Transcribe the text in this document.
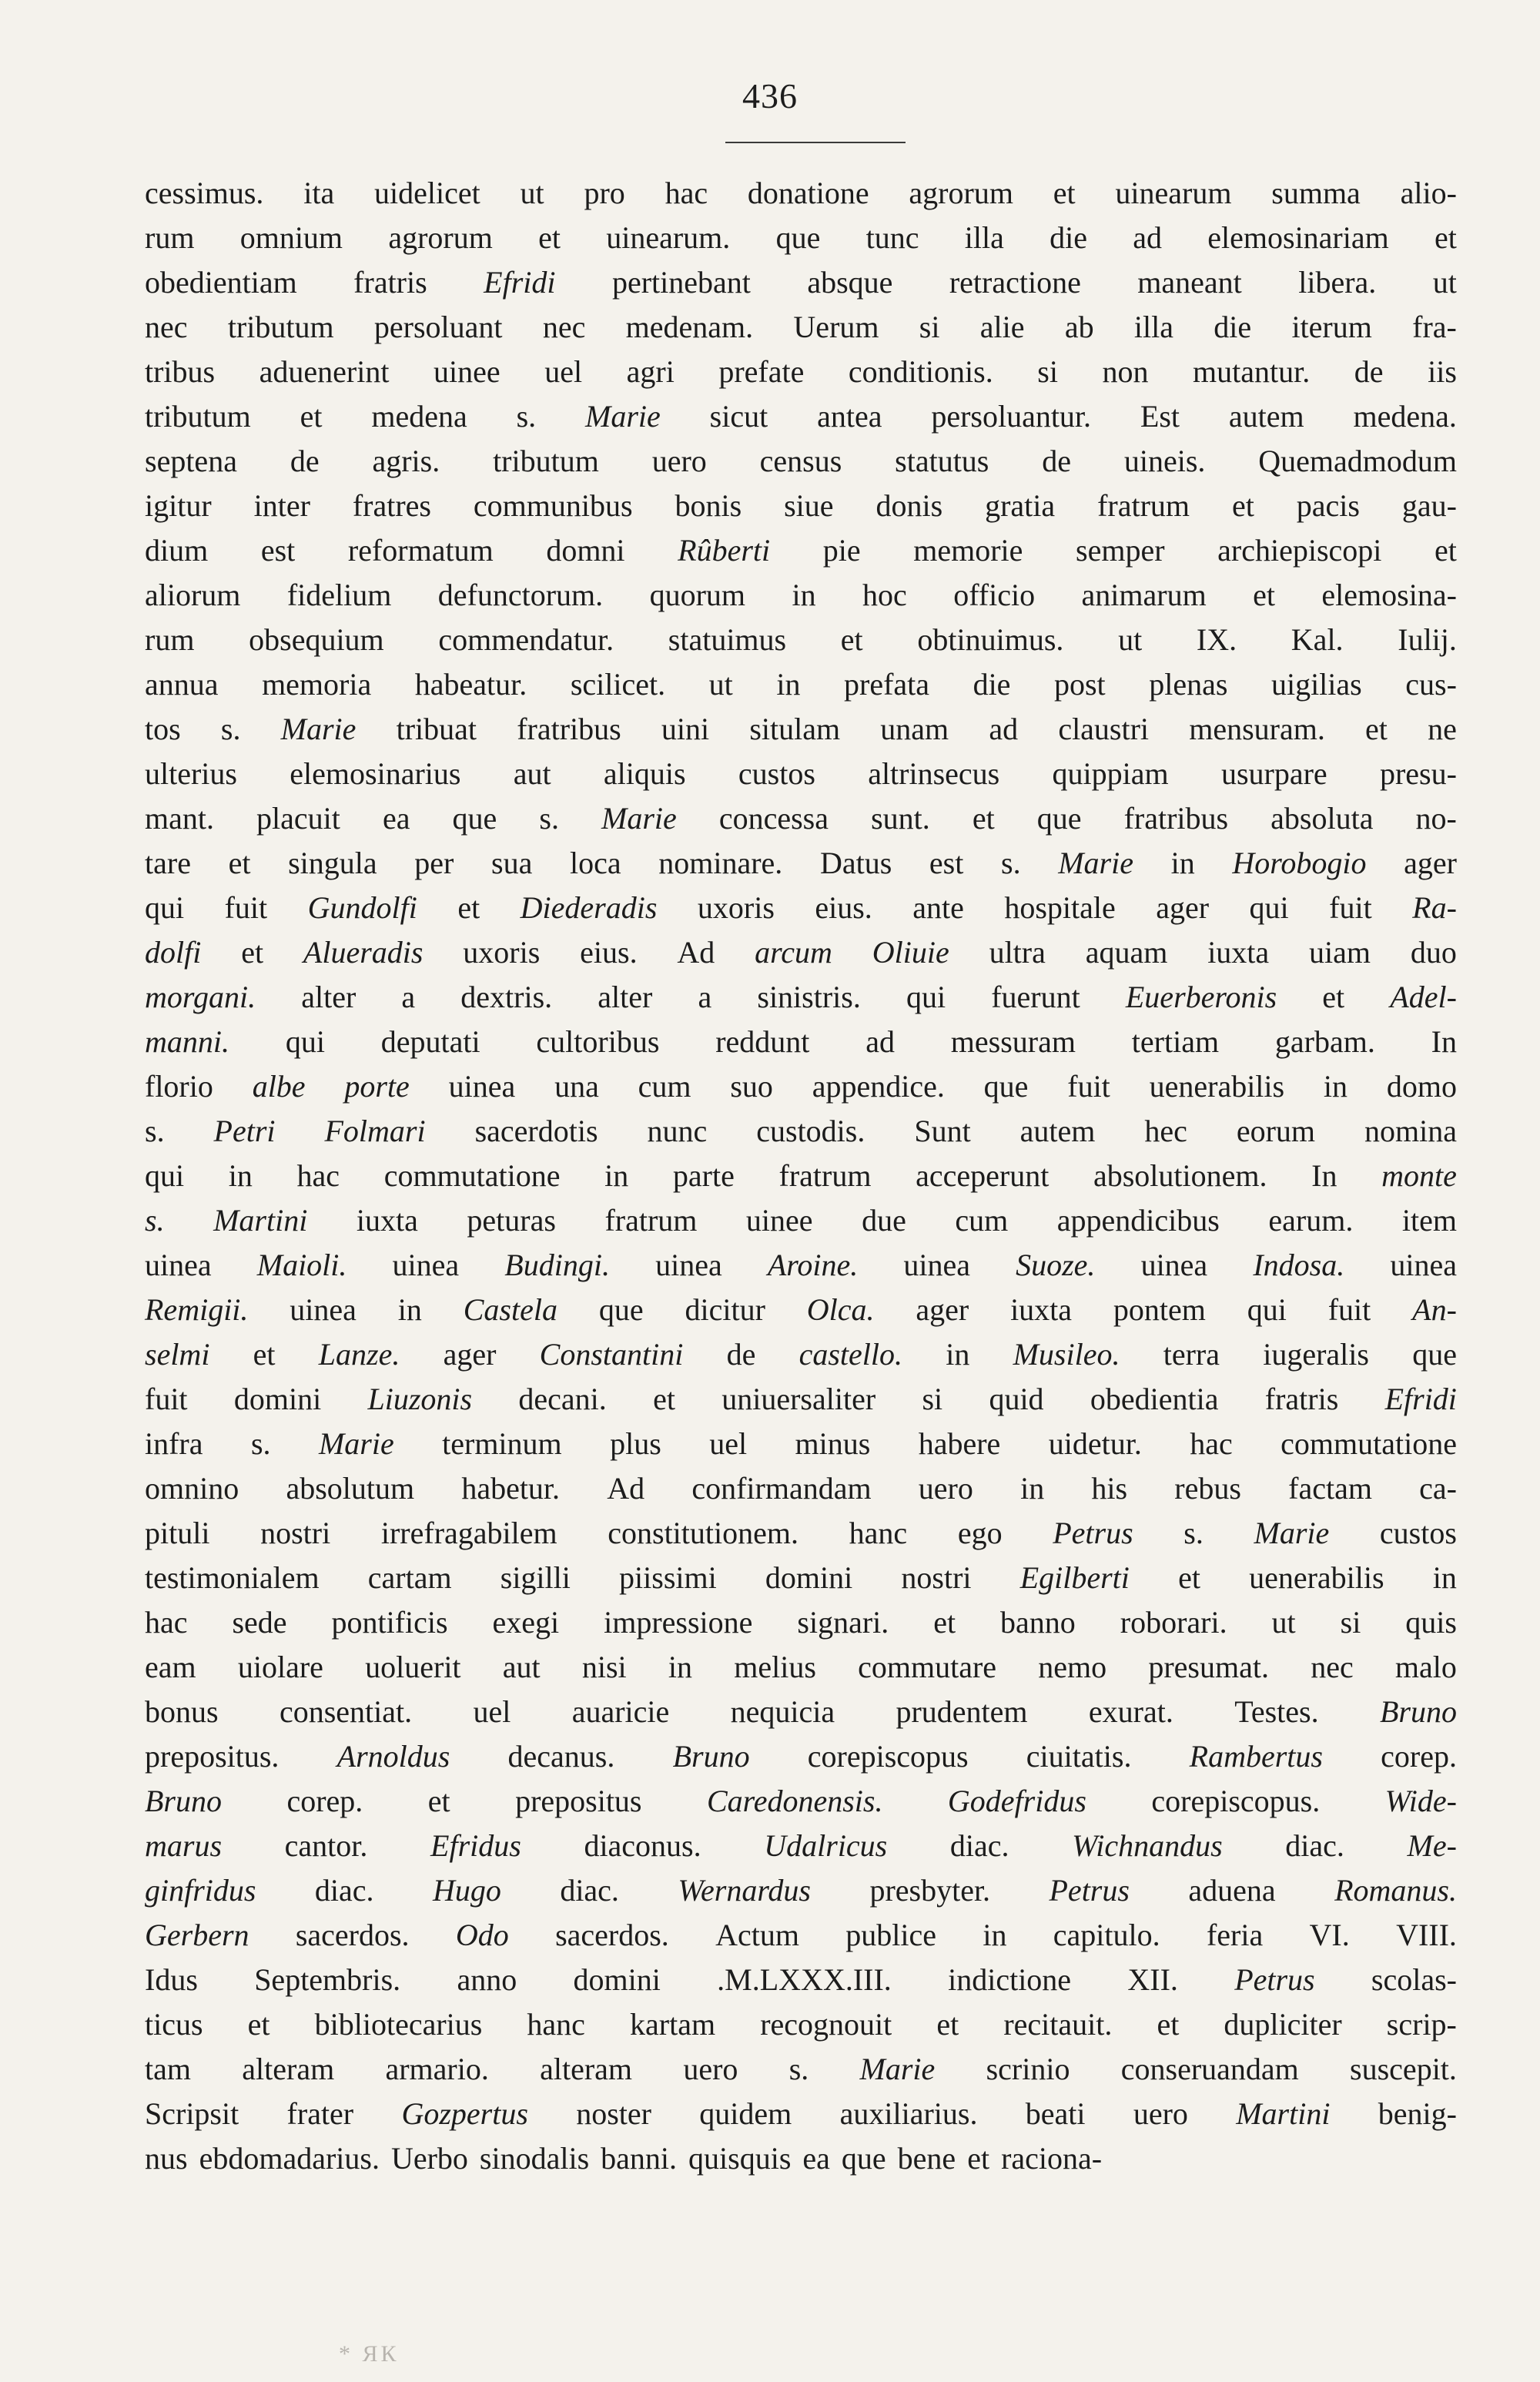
436
cessimus. ita uidelicet ut pro hac donatione agrorum et uinearum summa alio-
rum omnium agrorum et uinearum. que tunc illa die ad elemosinariam et
obedientiam fratris Efridi pertinebant absque retractione maneant libera. ut
nec tributum persoluant nec medenam. Uerum si alie ab illa die iterum fra-
tribus aduenerint uinee uel agri prefate conditionis. si non mutantur. de iis
tributum et medena s. Marie sicut antea persoluantur. Est autem medena.
septena de agris. tributum uero census statutus de uineis. Quemadmodum
igitur inter fratres communibus bonis siue donis gratia fratrum et pacis gau-
dium est reformatum domni Rûberti pie memorie semper archiepiscopi et
aliorum fidelium defunctorum. quorum in hoc officio animarum et elemosina-
rum obsequium commendatur. statuimus et obtinuimus. ut IX. Kal. Iulij.
annua memoria habeatur. scilicet. ut in prefata die post plenas uigilias cus-
tos s. Marie tribuat fratribus uini situlam unam ad claustri mensuram. et ne
ulterius elemosinarius aut aliquis custos altrinsecus quippiam usurpare presu-
mant. placuit ea que s. Marie concessa sunt. et que fratribus absoluta no-
tare et singula per sua loca nominare. Datus est s. Marie in Horobogio ager
qui fuit Gundolfi et Diederadis uxoris eius. ante hospitale ager qui fuit Ra-
dolfi et Alueradis uxoris eius. Ad arcum Oliuie ultra aquam iuxta uiam duo
morgani. alter a dextris. alter a sinistris. qui fuerunt Euerberonis et Adel-
manni. qui deputati cultoribus reddunt ad messuram tertiam garbam. In
florio albe porte uinea una cum suo appendice. que fuit uenerabilis in domo
s. Petri Folmari sacerdotis nunc custodis. Sunt autem hec eorum nomina
qui in hac commutatione in parte fratrum acceperunt absolutionem. In monte
s. Martini iuxta peturas fratrum uinee due cum appendicibus earum. item
uinea Maioli. uinea Budingi. uinea Aroine. uinea Suoze. uinea Indosa. uinea
Remigii. uinea in Castela que dicitur Olca. ager iuxta pontem qui fuit An-
selmi et Lanze. ager Constantini de castello. in Musileo. terra iugeralis que
fuit domini Liuzonis decani. et uniuersaliter si quid obedientia fratris Efridi
infra s. Marie terminum plus uel minus habere uidetur. hac commutatione
omnino absolutum habetur. Ad confirmandam uero in his rebus factam ca-
pituli nostri irrefragabilem constitutionem. hanc ego Petrus s. Marie custos
testimonialem cartam sigilli piissimi domini nostri Egilberti et uenerabilis in
hac sede pontificis exegi impressione signari. et banno roborari. ut si quis
eam uiolare uoluerit aut nisi in melius commutare nemo presumat. nec malo
bonus consentiat. uel auaricie nequicia prudentem exurat. Testes. Bruno
prepositus. Arnoldus decanus. Bruno corepiscopus ciuitatis. Rambertus corep.
Bruno corep. et prepositus Caredonensis. Godefridus corepiscopus. Wide-
marus cantor. Efridus diaconus. Udalricus diac. Wichnandus diac. Me-
ginfridus diac. Hugo diac. Wernardus presbyter. Petrus aduena Romanus.
Gerbern sacerdos. Odo sacerdos. Actum publice in capitulo. feria VI. VIII.
Idus Septembris. anno domini .M.LXXX.III. indictione XII. Petrus scolas-
ticus et bibliotecarius hanc kartam recognouit et recitauit. et dupliciter scrip-
tam alteram armario. alteram uero s. Marie scrinio conseruandam suscepit.
Scripsit frater Gozpertus noster quidem auxiliarius. beati uero Martini benig-
nus ebdomadarius. Uerbo sinodalis banni. quisquis ea que bene et raciona-
* ЯК
